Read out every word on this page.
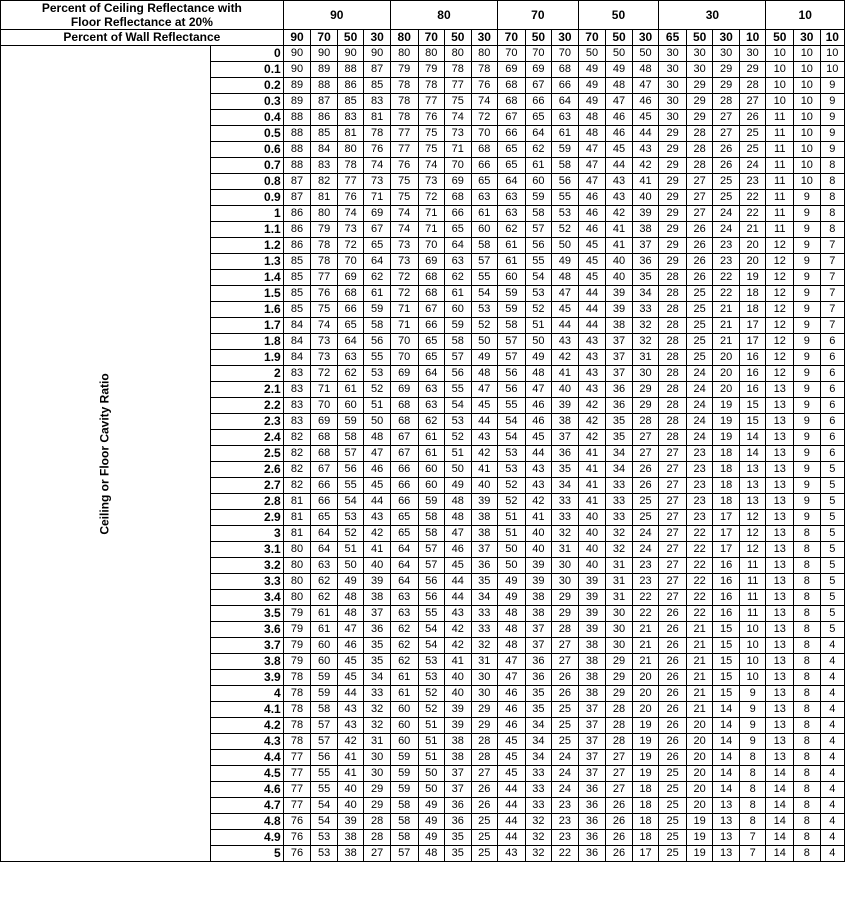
Percent of Ceiling Reflectance with
Floor Reflectance at 20%		90				80				70			50			30				10		

Percent of Wall Reflectance		90	70	50	30	80	70	50	30	70	50	30	70	50	30	65	50	30	10	50	30	10

Ceiling or Floor Cavity Ratio	0	90	90	90	90	80	80	80	80	70	70	70	50	50	50	30	30	30	30	10	10	10
	0.1	90	89	88	87	79	79	78	78	69	69	68	49	49	48	30	30	29	29	10	10	10
	0.2	89	88	86	85	78	78	77	76	68	67	66	49	48	47	30	29	29	28	10	10	9
	0.3	89	87	85	83	78	77	75	74	68	66	64	49	47	46	30	29	28	27	10	10	9
	0.4	88	86	83	81	78	76	74	72	67	65	63	48	46	45	30	29	27	26	11	10	9
	0.5	88	85	81	78	77	75	73	70	66	64	61	48	46	44	29	28	27	25	11	10	9
	0.6	88	84	80	76	77	75	71	68	65	62	59	47	45	43	29	28	26	25	11	10	9
	0.7	88	83	78	74	76	74	70	66	65	61	58	47	44	42	29	28	26	24	11	10	8
	0.8	87	82	77	73	75	73	69	65	64	60	56	47	43	41	29	27	25	23	11	10	8
	0.9	87	81	76	71	75	72	68	63	63	59	55	46	43	40	29	27	25	22	11	9	8
	1	86	80	74	69	74	71	66	61	63	58	53	46	42	39	29	27	24	22	11	9	8
	1.1	86	79	73	67	74	71	65	60	62	57	52	46	41	38	29	26	24	21	11	9	8
	1.2	86	78	72	65	73	70	64	58	61	56	50	45	41	37	29	26	23	20	12	9	7
	1.3	85	78	70	64	73	69	63	57	61	55	49	45	40	36	29	26	23	20	12	9	7
	1.4	85	77	69	62	72	68	62	55	60	54	48	45	40	35	28	26	22	19	12	9	7
	1.5	85	76	68	61	72	68	61	54	59	53	47	44	39	34	28	25	22	18	12	9	7
	1.6	85	75	66	59	71	67	60	53	59	52	45	44	39	33	28	25	21	18	12	9	7
	1.7	84	74	65	58	71	66	59	52	58	51	44	44	38	32	28	25	21	17	12	9	7
	1.8	84	73	64	56	70	65	58	50	57	50	43	43	37	32	28	25	21	17	12	9	6
	1.9	84	73	63	55	70	65	57	49	57	49	42	43	37	31	28	25	20	16	12	9	6
	2	83	72	62	53	69	64	56	48	56	48	41	43	37	30	28	24	20	16	12	9	6
	2.1	83	71	61	52	69	63	55	47	56	47	40	43	36	29	28	24	20	16	13	9	6
	2.2	83	70	60	51	68	63	54	45	55	46	39	42	36	29	28	24	19	15	13	9	6
	2.3	83	69	59	50	68	62	53	44	54	46	38	42	35	28	28	24	19	15	13	9	6
	2.4	82	68	58	48	67	61	52	43	54	45	37	42	35	27	28	24	19	14	13	9	6
	2.5	82	68	57	47	67	61	51	42	53	44	36	41	34	27	27	23	18	14	13	9	6
	2.6	82	67	56	46	66	60	50	41	53	43	35	41	34	26	27	23	18	13	13	9	5
	2.7	82	66	55	45	66	60	49	40	52	43	34	41	33	26	27	23	18	13	13	9	5
	2.8	81	66	54	44	66	59	48	39	52	42	33	41	33	25	27	23	18	13	13	9	5
	2.9	81	65	53	43	65	58	48	38	51	41	33	40	33	25	27	23	17	12	13	9	5
	3	81	64	52	42	65	58	47	38	51	40	32	40	32	24	27	22	17	12	13	8	5
	3.1	80	64	51	41	64	57	46	37	50	40	31	40	32	24	27	22	17	12	13	8	5
	3.2	80	63	50	40	64	57	45	36	50	39	30	40	31	23	27	22	16	11	13	8	5
	3.3	80	62	49	39	64	56	44	35	49	39	30	39	31	23	27	22	16	11	13	8	5
	3.4	80	62	48	38	63	56	44	34	49	38	29	39	31	22	27	22	16	11	13	8	5
	3.5	79	61	48	37	63	55	43	33	48	38	29	39	30	22	26	22	16	11	13	8	5
	3.6	79	61	47	36	62	54	42	33	48	37	28	39	30	21	26	21	15	10	13	8	5
	3.7	79	60	46	35	62	54	42	32	48	37	27	38	30	21	26	21	15	10	13	8	4
	3.8	79	60	45	35	62	53	41	31	47	36	27	38	29	21	26	21	15	10	13	8	4
	3.9	78	59	45	34	61	53	40	30	47	36	26	38	29	20	26	21	15	10	13	8	4
	4	78	59	44	33	61	52	40	30	46	35	26	38	29	20	26	21	15	9	13	8	4
	4.1	78	58	43	32	60	52	39	29	46	35	25	37	28	20	26	21	14	9	13	8	4
	4.2	78	57	43	32	60	51	39	29	46	34	25	37	28	19	26	20	14	9	13	8	4
	4.3	78	57	42	31	60	51	38	28	45	34	25	37	28	19	26	20	14	9	13	8	4
	4.4	77	56	41	30	59	51	38	28	45	34	24	37	27	19	26	20	14	8	13	8	4
	4.5	77	55	41	30	59	50	37	27	45	33	24	37	27	19	25	20	14	8	14	8	4
	4.6	77	55	40	29	59	50	37	26	44	33	24	36	27	18	25	20	14	8	14	8	4
	4.7	77	54	40	29	58	49	36	26	44	33	23	36	26	18	25	20	13	8	14	8	4
	4.8	76	54	39	28	58	49	36	25	44	32	23	36	26	18	25	19	13	8	14	8	4
	4.9	76	53	38	28	58	49	35	25	44	32	23	36	26	18	25	19	13	7	14	8	4
	5	76	53	38	27	57	48	35	25	43	32	22	36	26	17	25	19	13	7	14	8	4
